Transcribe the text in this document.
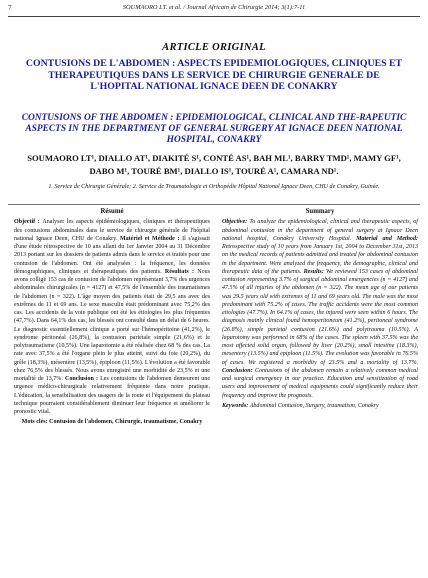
7	SOUMAORO LT. et al. / Journal Africain de Chirurgie 2014; 3(1):7-11
ARTICLE ORIGINAL
CONTUSIONS DE L'ABDOMEN : ASPECTS EPIDEMIOLOGIQUES, CLINIQUES ET THERAPEUTIQUES DANS LE SERVICE DE CHIRURGIE GENERALE DE L'HOPITAL NATIONAL IGNACE DEEN DE CONAKRY
CONTUSIONS OF THE ABDOMEN : EPIDEMIOLOGICAL, CLINICAL AND THE-RAPEUTIC ASPECTS IN THE DEPARTMENT OF GENERAL SURGERY AT IGNACE DEEN NATIONAL HOSPITAL, CONAKRY
SOUMAORO LT¹, DIALLO AT¹, DIAKITÉ S¹, CONTÉ AS¹, BAH ML¹, BARRY TMD¹, MAMY GF¹, DABO M¹, TOURÉ BM¹, DIALLO IS¹, TOURÉ A¹, CAMARA ND¹.
1. Service de Chirurgie Générale; 2. Service de Traumatologie et Orthopédie Hôpital National Ignace Deen, CHU de Conakry, Guinée.
Résumé

Objectif : Analyser les aspects épidémiologiques, cliniques et thérapeutiques des contusions abdominales dans le service de chirurgie générale de l'hôpital national Ignace Deen, CHU de Conakry. Matériel et Méthode : Il s'agissait d'une étude rétrospective de 10 ans allant du 1er Janvier 2004 au 31 Décembre 2013 portant sur les dossiers de patients admis dans le service et traités pour une contusion de l'abdomen. Ont été analysées : la fréquence, les données démographiques, cliniques et thérapeutiques des patients. Résultats : Nous avons colligé 153 cas de contusion de l'abdomen représentant 3,7% des urgences abdominales chirurgicales (n = 4127) et 47,5% de l'ensemble des traumatismes de l'abdomen (n = 322). L'âge moyen des patients était de 29,5 ans avec des extrêmes de 11 et 69 ans. Le sexe masculin était prédominant avec 75,2% des cas. Les accidents de la voie publique ont été les étiologies les plus fréquentes (47,7%). Dans 64,1% des cas, les blessés ont consulté dans un délai de 6 heures. Le diagnostic essentiellement clinique a porté sur l'hémopéritoine (41,2%), le syndrome péritonéal (26,8%), la contusion pariétale simple (21,6%) et le polytraumatisme (10,5%). Une laparotomie a été réalisée chez 68 % des cas. La rate avec 37,5% a été l'organe plein le plus atteint, suivi du foie (20,2%), du grêle (18,3%), mésentère (13,5%), épiploon (11,5%). L'évolution a été favorable chez 76,5% des blessés. Nous avons enregistré une morbidité de 23,5% et une mortalité de 13,7%. Conclusion : Les contusions de l'abdomen demeurent une urgence médico-chirurgicale relativement fréquente dans notre pratique. L'éducation, la sensibilisation des usagers de la route et l'équipement du plateau technique pourraient considérablement diminuer leur fréquence et améliorer le pronostic vital.

Mots clés: Contusion de l'abdomen, Chirurgie, traumatisme, Conakry
Summary

Objective: To analyze the epidemiological, clinical and therapeutic aspects, of abdominal contusion in the department of general surgery at Ignace Deen national hospital, Conakry University Hospital. Material and Method: Retrospective study of 10 years from January 1st, 2004 to December 31st, 2013 on the medical records of patients admitted and treated for abdominal contusion in the department. Were analyzed the frequency, the demographic, clinical and therapeutic data of the patients. Results: We reviewed 153 cases of abdominal contusion representing 3.7% of surgical abdominal emergencies (n = 4127) and 47.5% of all injuries of the abdomen (n = 322). The mean age of our patients was 29.5 years old with extremes of 11 and 69 years old. The male was the most predominant with 75.2% of cases. The traffic accidents were the most common etiologies (47.7%). In 64.1% of cases, the injured were seen within 6 hours. The diagnosis mainly clinical found hemoperitoneum (41.2%), peritoneal syndrome (26.8%), simple parietal contusion (21.6%) and polytrauma (10.5%). A laparotomy was performed in 68% of the cases. The spleen with 37.5% was the most affected solid organ, followed by liver (20.2%), small intestine (18.3%), mesentery (13.5%) and epiploon (11.5%). The evolution was favorable in 76.5% of cases. We registered a morbidity of 23.5% and a mortality of 13.7%. Conclusion: Contusions of the abdomen remain a relatively common medical and surgical emergency in our practice. Education and sensitization of road users and improvement of medical equipments could significantly reduce their frequency and improve the prognosis.

Keywords: Abdominal Contusion, Surgery, traumatism, Conakry
